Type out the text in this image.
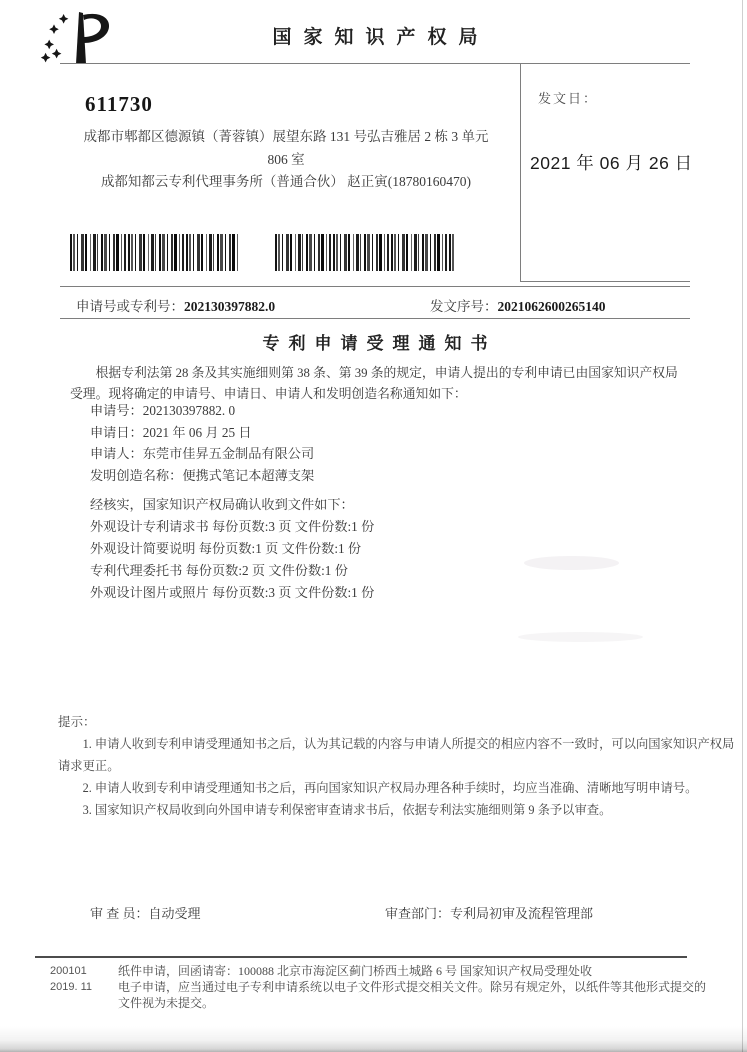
国家知识产权局
611730
成都市郫都区德源镇（菁蓉镇）展望东路 131 号弘吉雅居 2 栋 3 单元
806 室
成都知都云专利代理事务所（普通合伙） 赵正寅(18780160470)
发文日：
2021 年 06 月 26 日
申请号或专利号：202130397882.0	发文序号：2021062600265140
专利申请受理通知书
根据专利法第 28 条及其实施细则第 38 条、第 39 条的规定，申请人提出的专利申请已由国家知识产权局
受理。现将确定的申请号、申请日、申请人和发明创造名称通知如下：
申请号：202130397882. 0
申请日：2021 年 06 月 25 日
申请人：东莞市佳昇五金制品有限公司
发明创造名称：便携式笔记本超薄支架
经核实，国家知识产权局确认收到文件如下：
外观设计专利请求书 每份页数:3 页 文件份数:1 份
外观设计简要说明 每份页数:1 页 文件份数:1 份
专利代理委托书 每份页数:2 页 文件份数:1 份
外观设计图片或照片 每份页数:3 页 文件份数:1 份
提示：
1. 申请人收到专利申请受理通知书之后，认为其记载的内容与申请人所提交的相应内容不一致时，可以向国家知识产权局
请求更正。
2. 申请人收到专利申请受理通知书之后，再向国家知识产权局办理各种手续时，均应当准确、清晰地写明申请号。
3. 国家知识产权局收到向外国申请专利保密审查请求书后，依据专利法实施细则第 9 条予以审查。
审 查 员：自动受理	审查部门：专利局初审及流程管理部
200101
2019. 11
纸件申请，回函请寄：100088 北京市海淀区蓟门桥西土城路 6 号 国家知识产权局受理处收
电子申请，应当通过电子专利申请系统以电子文件形式提交相关文件。除另有规定外，以纸件等其他形式提交的
文件视为未提交。
